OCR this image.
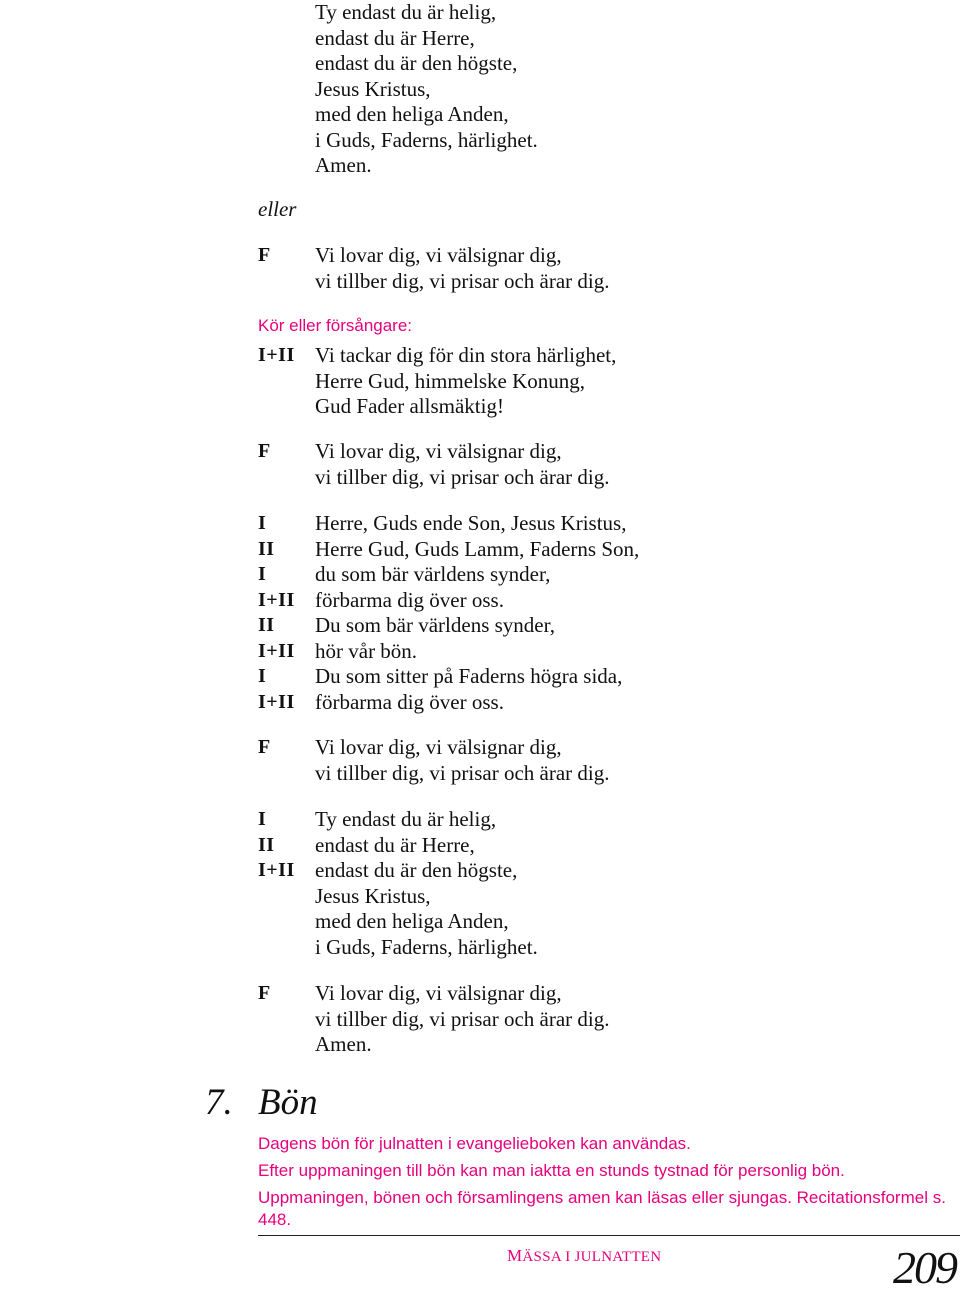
Ty endast du är helig,
endast du är Herre,
endast du är den högste,
Jesus Kristus,
med den heliga Anden,
i Guds, Faderns, härlighet.
Amen.
eller
F Vi lovar dig, vi välsignar dig,
vi tillber dig, vi prisar och ärar dig.
Kör eller försångare:
I+II Vi tackar dig för din stora härlighet,
Herre Gud, himmelske Konung,
Gud Fader allsmäktig!
F Vi lovar dig, vi välsignar dig,
vi tillber dig, vi prisar och ärar dig.
I Herre, Guds ende Son, Jesus Kristus,
II Herre Gud, Guds Lamm, Faderns Son,
I du som bär världens synder,
I+II förbarma dig över oss.
II Du som bär världens synder,
I+II hör vår bön.
I Du som sitter på Faderns högra sida,
I+II förbarma dig över oss.
F Vi lovar dig, vi välsignar dig,
vi tillber dig, vi prisar och ärar dig.
I Ty endast du är helig,
II endast du är Herre,
I+II endast du är den högste,
Jesus Kristus,
med den heliga Anden,
i Guds, Faderns, härlighet.
F Vi lovar dig, vi välsignar dig,
vi tillber dig, vi prisar och ärar dig.
Amen.
7. Bön
Dagens bön för julnatten i evangelieboken kan användas.
Efter uppmaningen till bön kan man iaktta en stunds tystnad för personlig bön.
Uppmaningen, bönen och församlingens amen kan läsas eller sjungas. Recitationsformel s. 448.
MÄSSA I JULNATTEN	209
